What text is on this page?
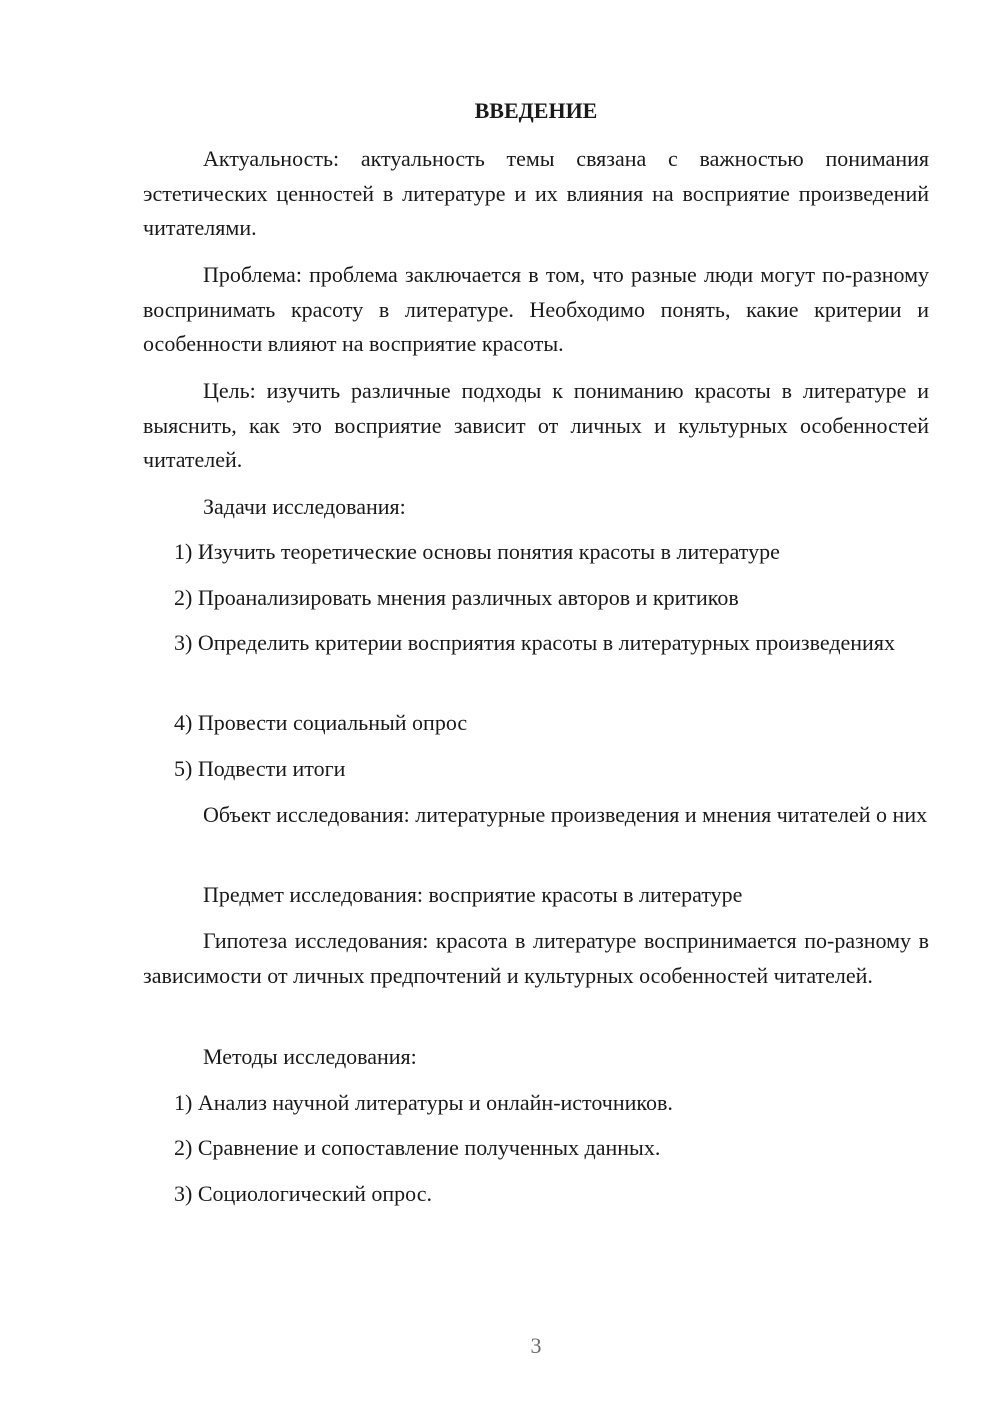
ВВЕДЕНИЕ

Актуальность: актуальность темы связана с важностью понимания эстетических ценностей в литературе и их влияния на восприятие произведений читателями.

Проблема: проблема заключается в том, что разные люди могут по-разному воспринимать красоту в литературе. Необходимо понять, какие критерии и особенности влияют на восприятие красоты.

Цель: изучить различные подходы к пониманию красоты в литературе и выяснить, как это восприятие зависит от личных и культурных особенностей читателей.

Задачи исследования:

1) Изучить теоретические основы понятия красоты в литературе

2) Проанализировать мнения различных авторов и критиков

3) Определить критерии восприятия красоты в литературных произведениях

4) Провести социальный опрос

5) Подвести итоги

Объект исследования: литературные произведения и мнения читателей о них

Предмет исследования: восприятие красоты в литературе

Гипотеза исследования: красота в литературе воспринимается по-разному в зависимости от личных предпочтений и культурных особенностей читателей.

Методы исследования:

1) Анализ научной литературы и онлайн-источников.

2) Сравнение и сопоставление полученных данных.

3) Социологический опрос.

3
